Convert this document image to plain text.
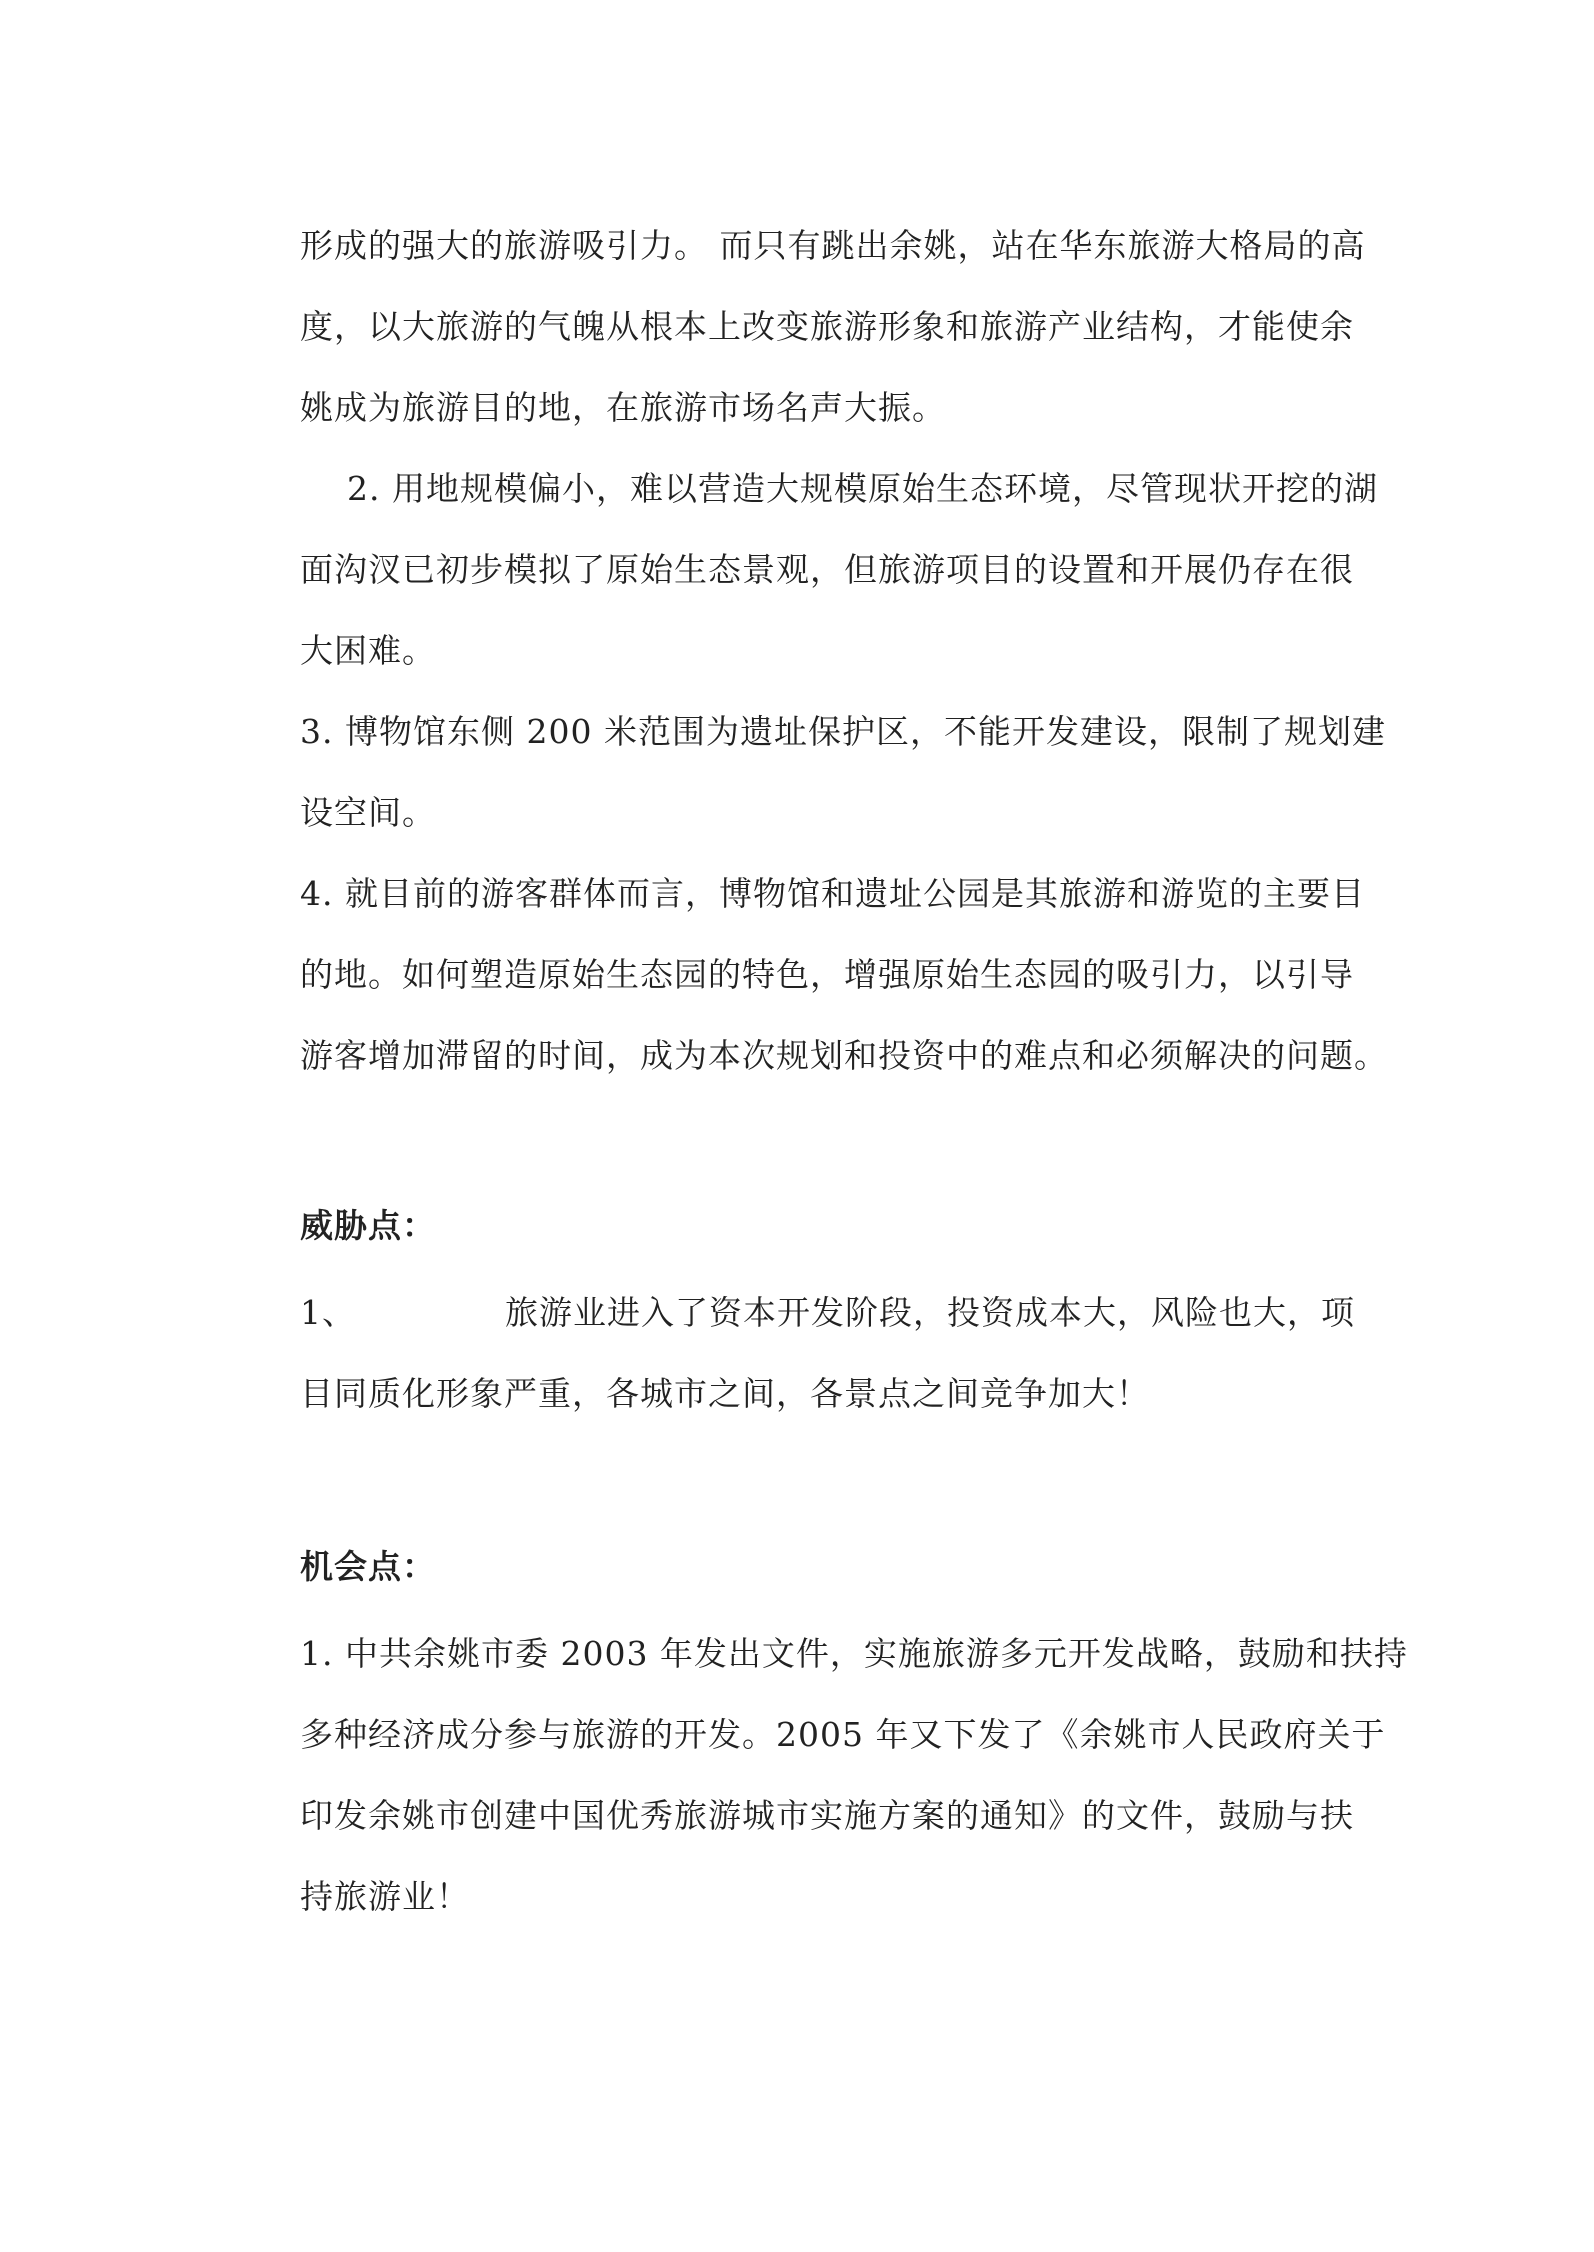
形成的强大的旅游吸引力。 而只有跳出余姚，站在华东旅游大格局的高

度，以大旅游的气魄从根本上改变旅游形象和旅游产业结构，才能使余

姚成为旅游目的地，在旅游市场名声大振。

2. 用地规模偏小，难以营造大规模原始生态环境，尽管现状开挖的湖

面沟汊已初步模拟了原始生态景观，但旅游项目的设置和开展仍存在很

大困难。

3. 博物馆东侧 200 米范围为遗址保护区，不能开发建设，限制了规划建

设空间。

4. 就目前的游客群体而言，博物馆和遗址公园是其旅游和游览的主要目

的地。如何塑造原始生态园的特色，增强原始生态园的吸引力，以引导

游客增加滞留的时间，成为本次规划和投资中的难点和必须解决的问题。

威胁点：

1、	旅游业进入了资本开发阶段，投资成本大，风险也大，项

目同质化形象严重，各城市之间，各景点之间竞争加大！

机会点：

1. 中共余姚市委 2003 年发出文件，实施旅游多元开发战略，鼓励和扶持

多种经济成分参与旅游的开发。2005 年又下发了《余姚市人民政府关于

印发余姚市创建中国优秀旅游城市实施方案的通知》的文件，鼓励与扶

持旅游业！
